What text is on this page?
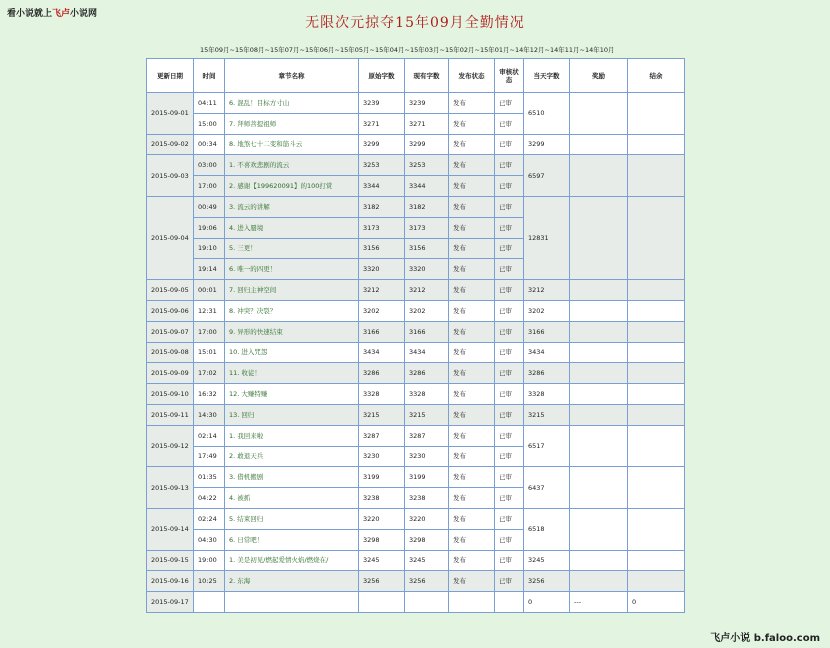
看小说就上飞卢小说网
无限次元掠夺15年09月全勤情况
15年09月 ~ 15年08月 ~ 15年07月 ~ 15年06月 ~ 15年05月 ~ 15年04月 ~ 15年03月 ~ 15年02月 ~ 15年01月 ~ 14年12月 ~ 14年11月 ~ 14年10月
更新日期	时间	章节名称	原始字数	现有字数	发布状态	审核状态	当天字数	奖励	结余
2015-09-01	04:11	6. 混乱！目标方寸山	3239	3239	发布	已审	6510		
	15:00	7. 拜师菩提祖师	3271	3271	发布	已审			
2015-09-02	00:34	8. 地煞七十二变和筋斗云	3299	3299	发布	已审	3299		
2015-09-03	03:00	1. 不喜欢悲剧的流云	3253	3253	发布	已审	6597		
	17:00	2. 感谢【199620091】的100打赏	3344	3344	发布	已审			
2015-09-04	00:49	3. 流云的讲解	3182	3182	发布	已审	12831		
	19:06	4. 进入蜃境	3173	3173	发布	已审			
	19:10	5. 三更！	3156	3156	发布	已审			
	19:14	6. 唯一的四更！	3320	3320	发布	已审			
2015-09-05	00:01	7. 回归主神空间	3212	3212	发布	已审	3212		
2015-09-06	12:31	8. 冲突？决裂？	3202	3202	发布	已审	3202		
2015-09-07	17:00	9. 异形的快速结束	3166	3166	发布	已审	3166		
2015-09-08	15:01	10. 进入咒怨	3434	3434	发布	已审	3434		
2015-09-09	17:02	11. 收徒！	3286	3286	发布	已审	3286		
2015-09-10	16:32	12. 大赚特赚	3328	3328	发布	已审	3328		
2015-09-11	14:30	13. 回归	3215	3215	发布	已审	3215		
2015-09-12	02:14	1. 我回来啦	3287	3287	发布	已审	6517		
	17:49	2. 敢退天兵	3230	3230	发布	已审			
2015-09-13	01:35	3. 借机搬剧	3199	3199	发布	已审	6437		
	04:22	4. 被抓	3238	3238	发布	已审			
2015-09-14	02:24	5. 结束回归	3220	3220	发布	已审	6518		
	04:30	6. 日常吧！	3298	3298	发布	已审			
2015-09-15	19:00	1. 美是初见/燃起爱情火焰/燃烧在/	3245	3245	发布	已审	3245		
2015-09-16	10:25	2. 东海	3256	3256	发布	已审	3256		
2015-09-17							0	---	0
飞卢小说 b.faloo.com
